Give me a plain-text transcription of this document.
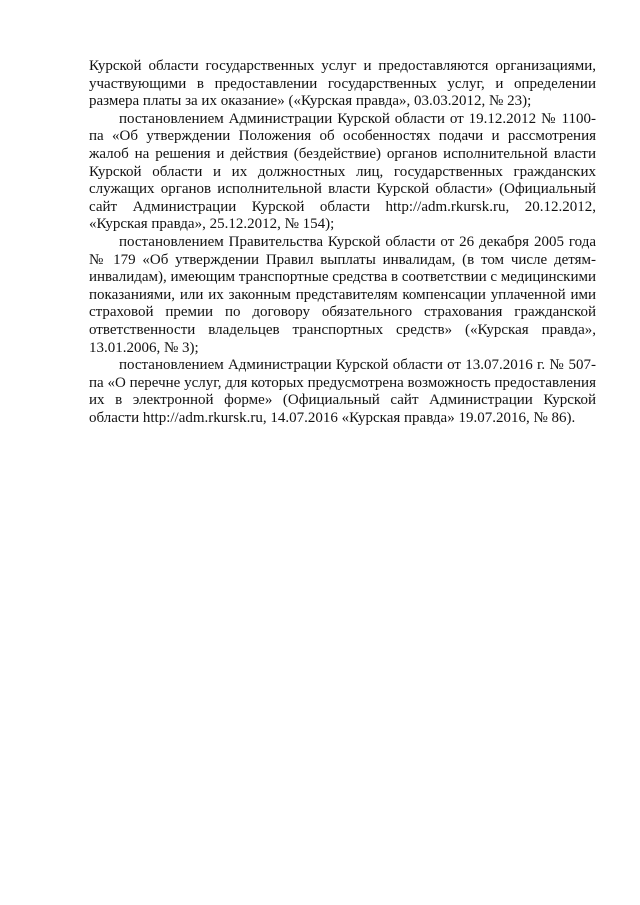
Курской области государственных услуг и предоставляются организациями, участвующими в предоставлении государственных услуг, и определении размера платы за их оказание» («Курская правда», 03.03.2012, № 23);

постановлением Администрации Курской области от 19.12.2012 № 1100-па «Об утверждении Положения об особенностях подачи и рассмотрения жалоб на решения и действия (бездействие) органов исполнительной власти Курской области и их должностных лиц, государственных гражданских служащих органов исполнительной власти Курской области» (Официальный сайт Администрации Курской области http://adm.rkursk.ru, 20.12.2012, «Курская правда», 25.12.2012, № 154);

постановлением Правительства Курской области от 26 декабря 2005 года № 179 «Об утверждении Правил выплаты инвалидам, (в том числе детям-инвалидам), имеющим транспортные средства в соответствии с медицинскими показаниями, или их законным представителям компенсации уплаченной ими страховой премии по договору обязательного страхования гражданской ответственности владельцев транспортных средств» («Курская правда», 13.01.2006, № 3);

постановлением Администрации Курской области от 13.07.2016 г. № 507-па «О перечне услуг, для которых предусмотрена возможность предоставления их в электронной форме» (Официальный сайт Администрации Курской области http://adm.rkursk.ru, 14.07.2016 «Курская правда» 19.07.2016, № 86).
